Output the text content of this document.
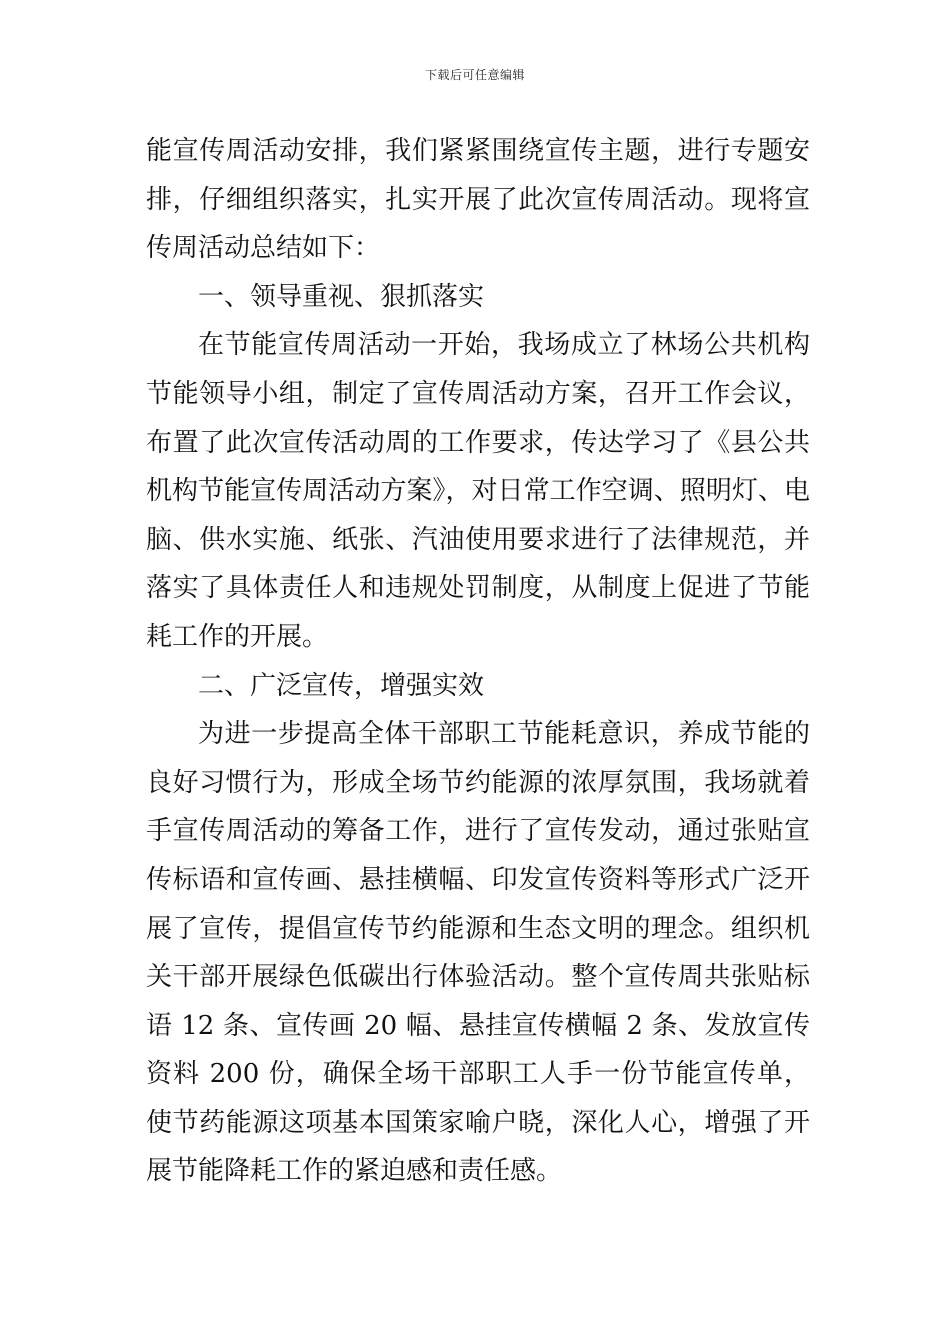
下载后可任意编辑

能宣传周活动安排，我们紧紧围绕宣传主题，进行专题安排，仔细组织落实，扎实开展了此次宣传周活动。现将宣传周活动总结如下：

一、领导重视、狠抓落实

在节能宣传周活动一开始，我场成立了林场公共机构节能领导小组，制定了宣传周活动方案，召开工作会议，布置了此次宣传活动周的工作要求，传达学习了《县公共机构节能宣传周活动方案》，对日常工作空调、照明灯、电脑、供水实施、纸张、汽油使用要求进行了法律规范，并落实了具体责任人和违规处罚制度，从制度上促进了节能耗工作的开展。

二、广泛宣传，增强实效

为进一步提高全体干部职工节能耗意识，养成节能的良好习惯行为，形成全场节约能源的浓厚氛围，我场就着手宣传周活动的筹备工作，进行了宣传发动，通过张贴宣传标语和宣传画、悬挂横幅、印发宣传资料等形式广泛开展了宣传，提倡宣传节约能源和生态文明的理念。组织机关干部开展绿色低碳出行体验活动。整个宣传周共张贴标语 12 条、宣传画 20 幅、悬挂宣传横幅 2 条、发放宣传资料 200 份，确保全场干部职工人手一份节能宣传单，使节药能源这项基本国策家喻户晓，深化人心，增强了开展节能降耗工作的紧迫感和责任感。
